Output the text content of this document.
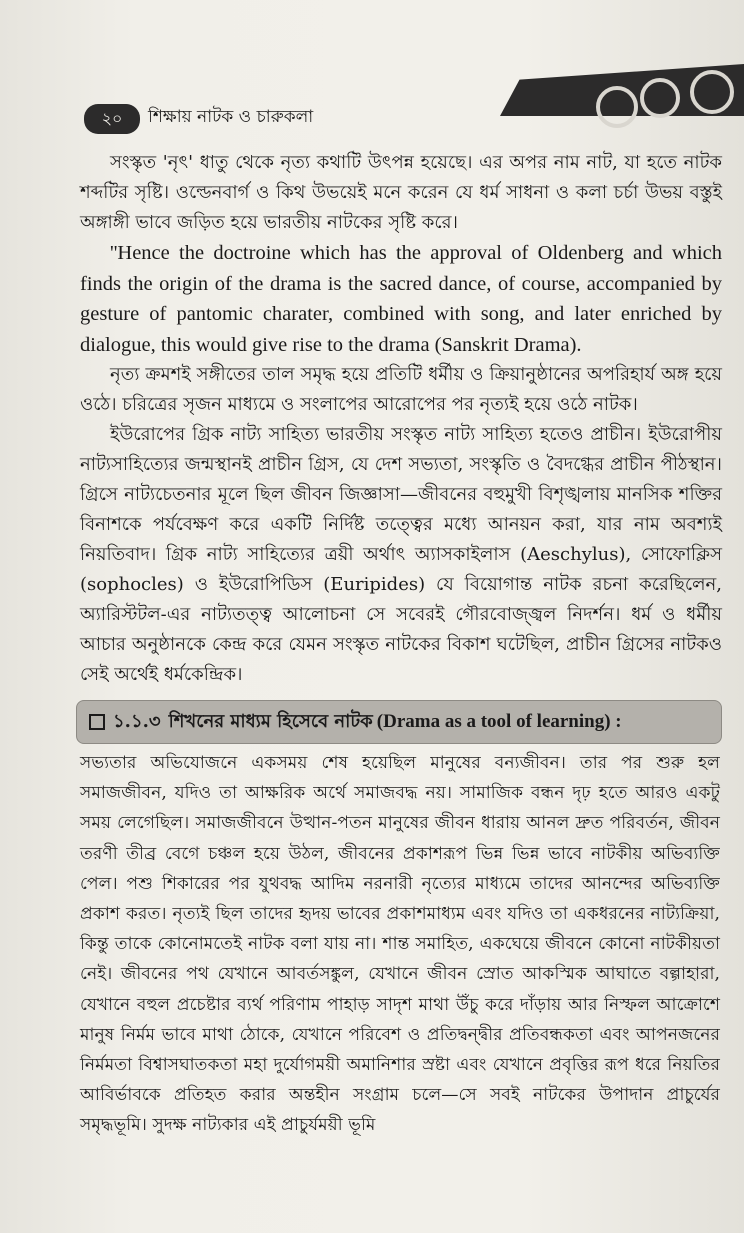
২০	শিক্ষায় নাটক ও চারুকলা

সংস্কৃত 'নৃৎ' ধাতু থেকে নৃত্য কথাটি উৎপন্ন হয়েছে। এর অপর নাম নাট, যা হতে নাটক শব্দটির সৃষ্টি। ওল্ডেনবার্গ ও কিথ উভয়েই মনে করেন যে ধর্ম সাধনা ও কলা চর্চা উভয় বস্তুই অঙ্গাঙ্গী ভাবে জড়িত হয়ে ভারতীয় নাটকের সৃষ্টি করে।

''Hence the doctroine which has the approval of Oldenberg and which finds the origin of the drama is the sacred dance, of course, accompanied by gesture of pantomic charater, combined with song, and later enriched by dialogue, this would give rise to the drama (Sanskrit Drama).

নৃত্য ক্রমশই সঙ্গীতের তাল সমৃদ্ধ হয়ে প্রতিটি ধর্মীয় ও ক্রিয়ানুষ্ঠানের অপরিহার্য অঙ্গ হয়ে ওঠে। চরিত্রের সৃজন মাধ্যমে ও সংলাপের আরোপের পর নৃত্যই হয়ে ওঠে নাটক।

ইউরোপের গ্রিক নাট্য সাহিত্য ভারতীয় সংস্কৃত নাট্য সাহিত্য হতেও প্রাচীন। ইউরোপীয় নাট্যসাহিত্যের জন্মস্থানই প্রাচীন গ্রিস, যে দেশ সভ্যতা, সংস্কৃতি ও বৈদগ্ধের প্রাচীন পীঠস্থান। গ্রিসে নাট্যচেতনার মূলে ছিল জীবন জিজ্ঞাসা—জীবনের বহুমুখী বিশৃঙ্খলায় মানসিক শক্তির বিনাশকে পর্যবেক্ষণ করে একটি নির্দিষ্ট তত্ত্বের মধ্যে আনয়ন করা, যার নাম অবশ্যই নিয়তিবাদ। গ্রিক নাট্য সাহিত্যের ত্রয়ী অর্থাৎ অ্যাসকাইলাস (Aeschylus), সোফোক্লিস (sophocles) ও ইউরোপিডিস (Euripides) যে বিয়োগান্ত নাটক রচনা করেছিলেন, অ্যারিস্টটল-এর নাট্যতত্ত্ব আলোচনা সে সবেরই গৌরবোজ্জ্বল নিদর্শন। ধর্ম ও ধর্মীয় আচার অনুষ্ঠানকে কেন্দ্র করে যেমন সংস্কৃত নাটকের বিকাশ ঘটেছিল, প্রাচীন গ্রিসের নাটকও সেই অর্থেই ধর্মকেন্দ্রিক।

১.১.৩ শিখনের মাধ্যম হিসেবে নাটক (Drama as a tool of learning) :

সভ্যতার অভিযোজনে একসময় শেষ হয়েছিল মানুষের বন্যজীবন। তার পর শুরু হল সমাজজীবন, যদিও তা আক্ষরিক অর্থে সমাজবদ্ধ নয়। সামাজিক বন্ধন দৃঢ় হতে আরও একটু সময় লেগেছিল। সমাজজীবনে উত্থান-পতন মানুষের জীবন ধারায় আনল দ্রুত পরিবর্তন, জীবন তরণী তীব্র বেগে চঞ্চল হয়ে উঠল, জীবনের প্রকাশরূপ ভিন্ন ভিন্ন ভাবে নাটকীয় অভিব্যক্তি পেল। পশু শিকারের পর যুথবদ্ধ আদিম নরনারী নৃত্যের মাধ্যমে তাদের আনন্দের অভিব্যক্তি প্রকাশ করত। নৃত্যই ছিল তাদের হৃদয় ভাবের প্রকাশমাধ্যম এবং যদিও তা একধরনের নাট্যক্রিয়া, কিন্তু তাকে কোনোমতেই নাটক বলা যায় না। শান্ত সমাহিত, একঘেয়ে জীবনে কোনো নাটকীয়তা নেই। জীবনের পথ যেখানে আবর্তসঙ্কুল, যেখানে জীবন স্রোত আকস্মিক আঘাতে বল্গাহারা, যেখানে বহুল প্রচেষ্টার ব্যর্থ পরিণাম পাহাড় সাদৃশ মাথা উঁচু করে দাঁড়ায় আর নিস্ফল আক্রোশে মানুষ নির্মম ভাবে মাথা ঠোকে, যেখানে পরিবেশ ও প্রতিদ্বন্দ্বীর প্রতিবন্ধকতা এবং আপনজনের নির্মমতা বিশ্বাসঘাতকতা মহা দুর্যোগময়ী অমানিশার স্রষ্টা এবং যেখানে প্রবৃত্তির রূপ ধরে নিয়তির আবির্ভাবকে প্রতিহত করার অন্তহীন সংগ্রাম চলে—সে সবই নাটকের উপাদান প্রাচুর্যের সমৃদ্ধভূমি। সুদক্ষ নাট্যকার এই প্রাচুর্যময়ী ভূমি
